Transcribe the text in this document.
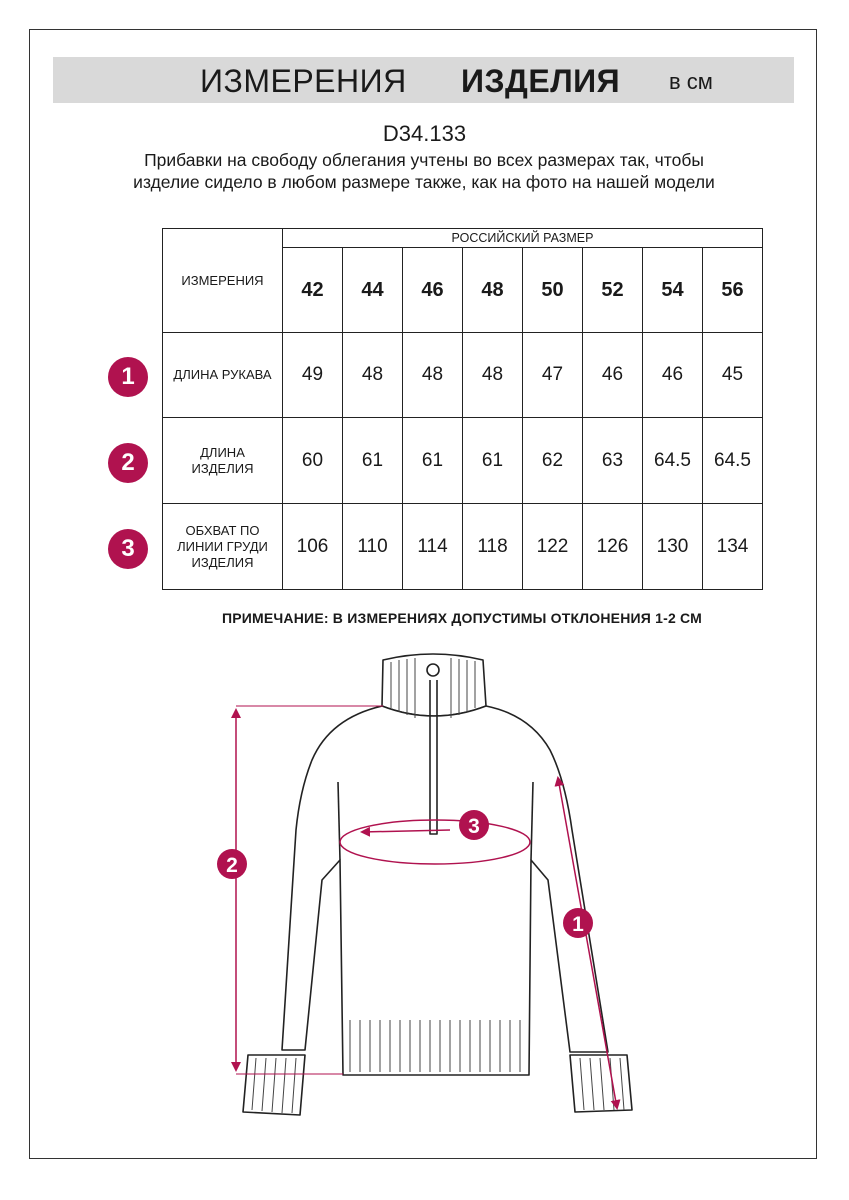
ИЗМЕРЕНИЯ ИЗДЕЛИЯ в см
D34.133
Прибавки на свободу облегания учтены во всех размерах так, чтобы изделие сидело в любом размере также, как на фото на нашей модели
ИЗМЕРЕНИЯ	РОССИЙСКИЙ РАЗМЕР							
	42	44	46	48	50	52	54	56
ДЛИНА РУКАВА	49	48	48	48	47	46	46	45
ДЛИНА ИЗДЕЛИЯ	60	61	61	61	62	63	64.5	64.5
ОБХВАТ ПО ЛИНИИ ГРУДИ ИЗДЕЛИЯ	106	110	114	118	122	126	130	134
1
2
3
ПРИМЕЧАНИЕ: В ИЗМЕРЕНИЯХ ДОПУСТИМЫ ОТКЛОНЕНИЯ 1-2 СМ
2
3
1
